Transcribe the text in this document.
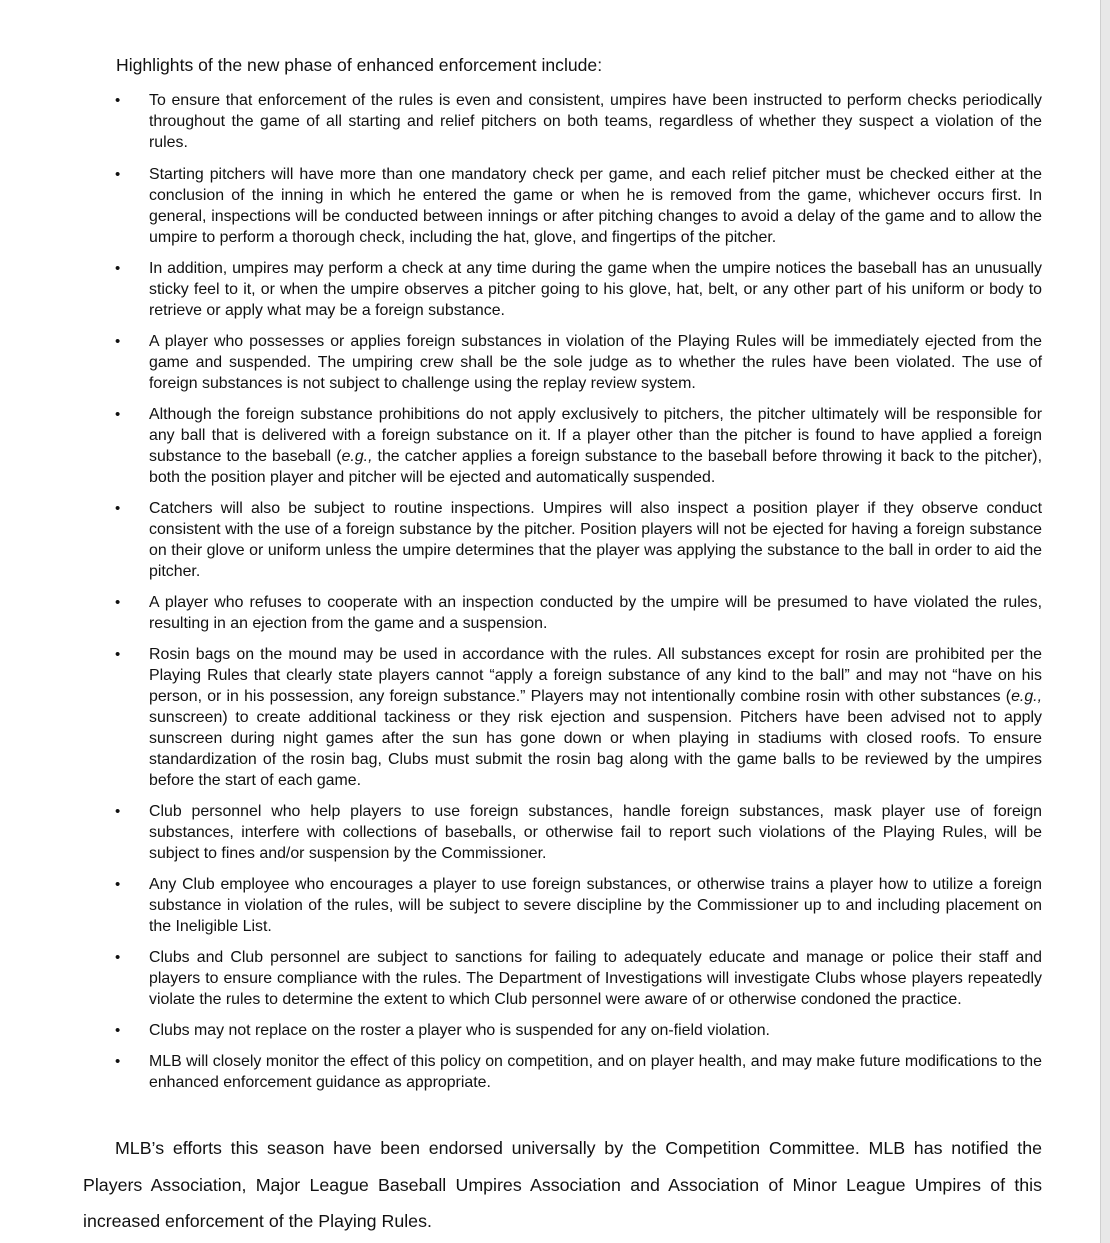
Highlights of the new phase of enhanced enforcement include:

• To ensure that enforcement of the rules is even and consistent, umpires have been instructed to perform checks periodically throughout the game of all starting and relief pitchers on both teams, regardless of whether they suspect a violation of the rules.
• Starting pitchers will have more than one mandatory check per game, and each relief pitcher must be checked either at the conclusion of the inning in which he entered the game or when he is removed from the game, whichever occurs first. In general, inspections will be conducted between innings or after pitching changes to avoid a delay of the game and to allow the umpire to perform a thorough check, including the hat, glove, and fingertips of the pitcher.
• In addition, umpires may perform a check at any time during the game when the umpire notices the baseball has an unusually sticky feel to it, or when the umpire observes a pitcher going to his glove, hat, belt, or any other part of his uniform or body to retrieve or apply what may be a foreign substance.
• A player who possesses or applies foreign substances in violation of the Playing Rules will be immediately ejected from the game and suspended. The umpiring crew shall be the sole judge as to whether the rules have been violated. The use of foreign substances is not subject to challenge using the replay review system.
• Although the foreign substance prohibitions do not apply exclusively to pitchers, the pitcher ultimately will be responsible for any ball that is delivered with a foreign substance on it. If a player other than the pitcher is found to have applied a foreign substance to the baseball (e.g., the catcher applies a foreign substance to the baseball before throwing it back to the pitcher), both the position player and pitcher will be ejected and automatically suspended.
• Catchers will also be subject to routine inspections. Umpires will also inspect a position player if they observe conduct consistent with the use of a foreign substance by the pitcher. Position players will not be ejected for having a foreign substance on their glove or uniform unless the umpire determines that the player was applying the substance to the ball in order to aid the pitcher.
• A player who refuses to cooperate with an inspection conducted by the umpire will be presumed to have violated the rules, resulting in an ejection from the game and a suspension.
• Rosin bags on the mound may be used in accordance with the rules. All substances except for rosin are prohibited per the Playing Rules that clearly state players cannot “apply a foreign substance of any kind to the ball” and may not “have on his person, or in his possession, any foreign substance.” Players may not intentionally combine rosin with other substances (e.g., sunscreen) to create additional tackiness or they risk ejection and suspension. Pitchers have been advised not to apply sunscreen during night games after the sun has gone down or when playing in stadiums with closed roofs. To ensure standardization of the rosin bag, Clubs must submit the rosin bag along with the game balls to be reviewed by the umpires before the start of each game.
• Club personnel who help players to use foreign substances, handle foreign substances, mask player use of foreign substances, interfere with collections of baseballs, or otherwise fail to report such violations of the Playing Rules, will be subject to fines and/or suspension by the Commissioner.
• Any Club employee who encourages a player to use foreign substances, or otherwise trains a player how to utilize a foreign substance in violation of the rules, will be subject to severe discipline by the Commissioner up to and including placement on the Ineligible List.
• Clubs and Club personnel are subject to sanctions for failing to adequately educate and manage or police their staff and players to ensure compliance with the rules. The Department of Investigations will investigate Clubs whose players repeatedly violate the rules to determine the extent to which Club personnel were aware of or otherwise condoned the practice.
• Clubs may not replace on the roster a player who is suspended for any on-field violation.
• MLB will closely monitor the effect of this policy on competition, and on player health, and may make future modifications to the enhanced enforcement guidance as appropriate.

MLB’s efforts this season have been endorsed universally by the Competition Committee. MLB has notified the Players Association, Major League Baseball Umpires Association and Association of Minor League Umpires of this increased enforcement of the Playing Rules.
